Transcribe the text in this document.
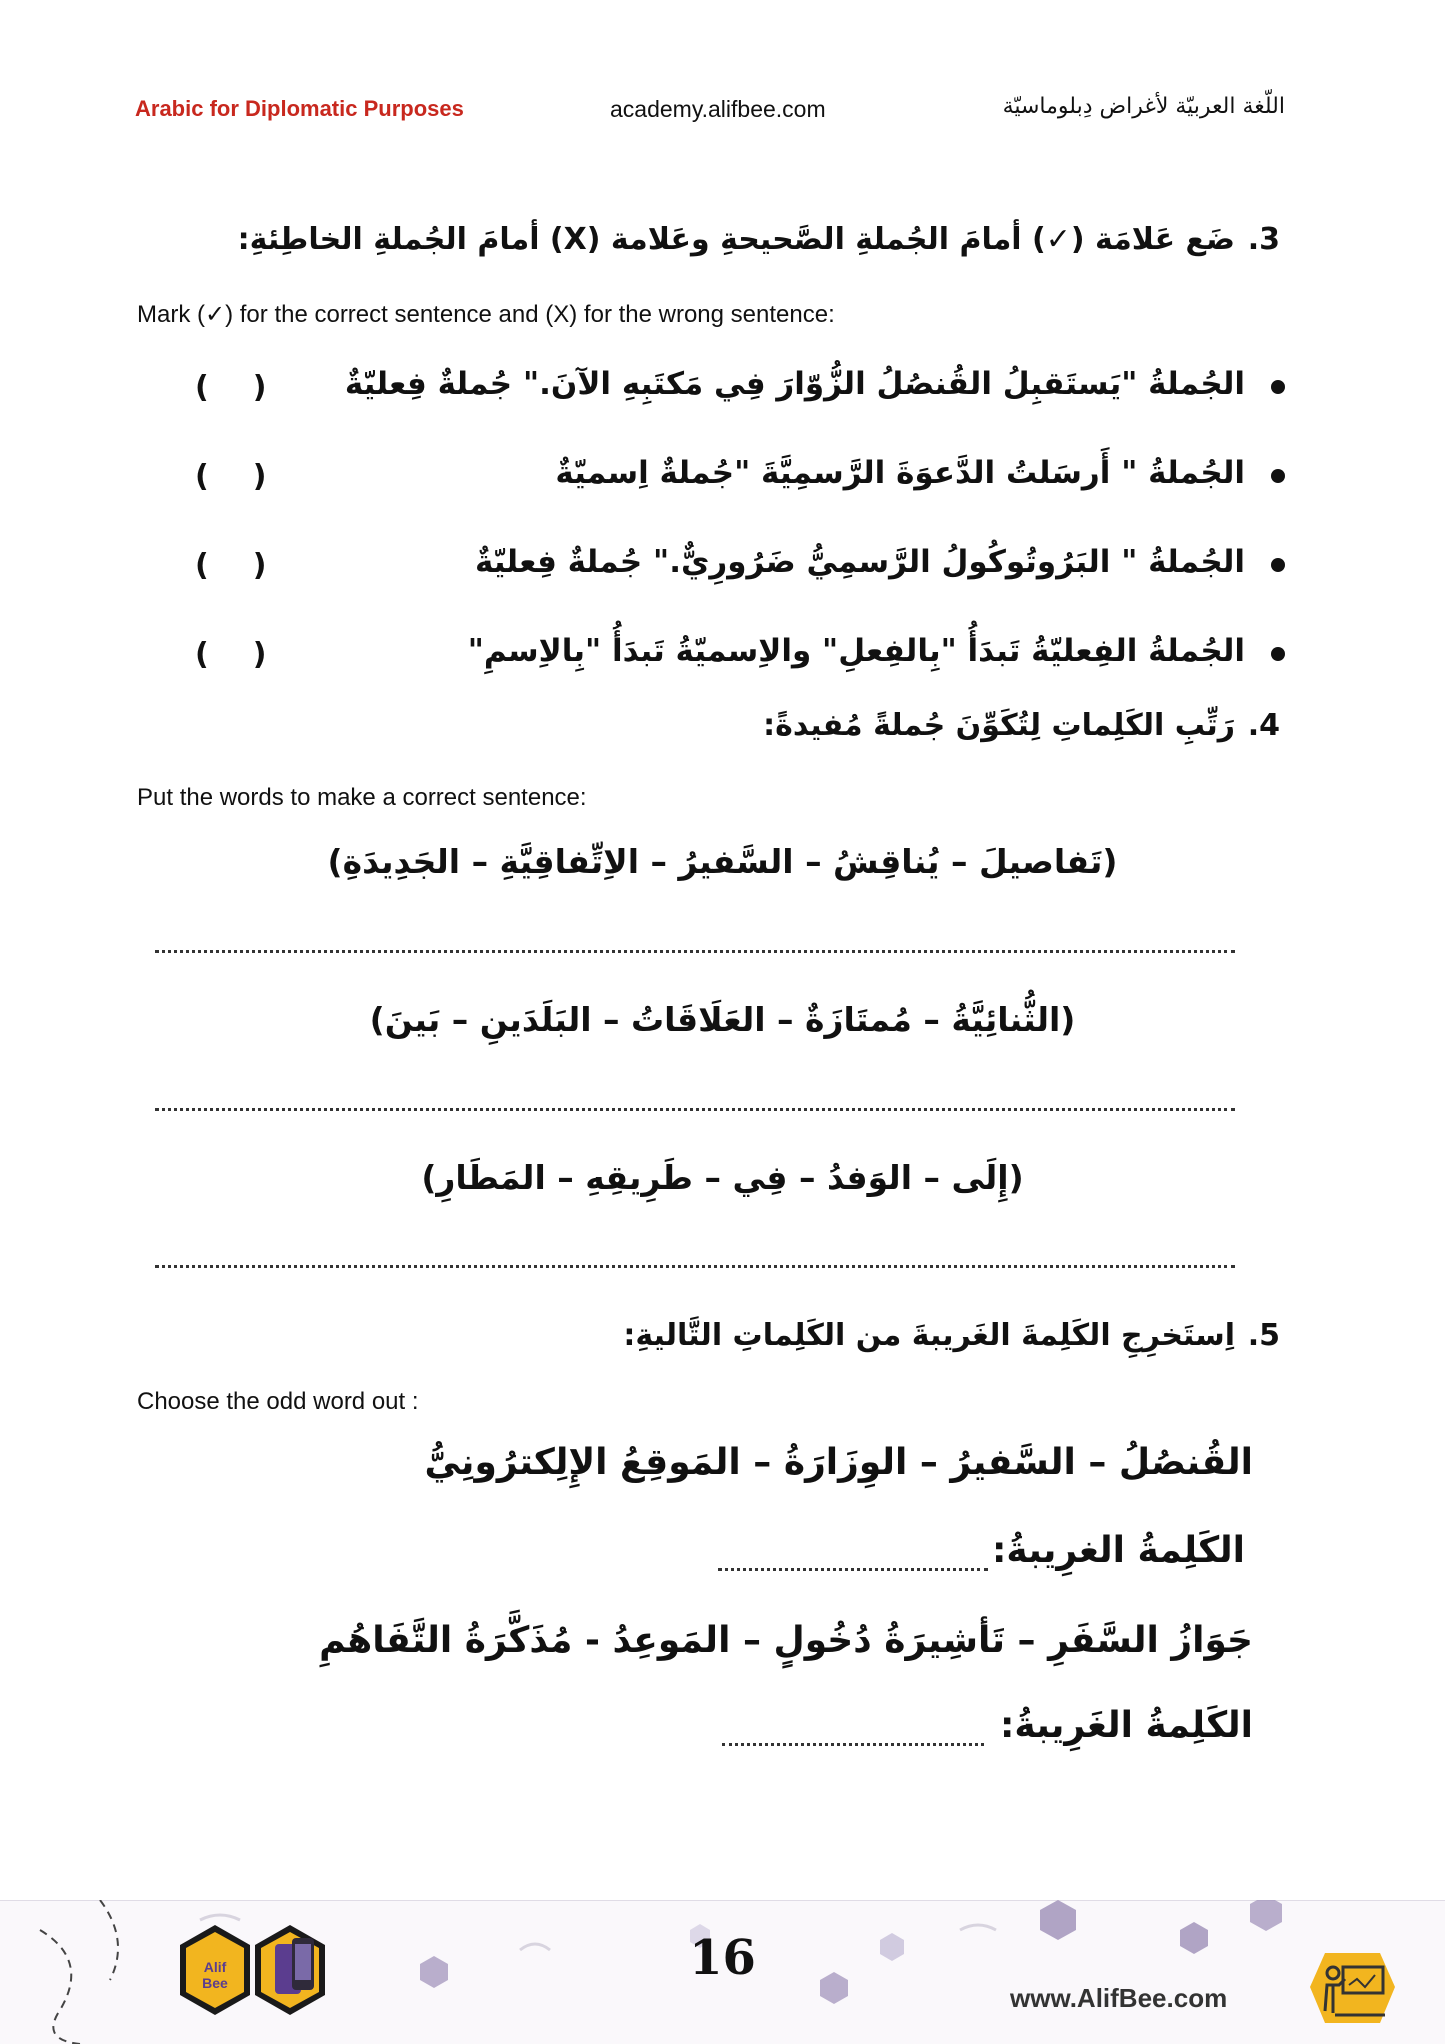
Arabic for Diplomatic Purposes	academy.alifbee.com	اللّغة العربيّة لأغراض دِبلوماسيّة
ضَع عَلامَة (✓) أمامَ الجُملةِ الصَّحيحةِ وعَلامة (X) أمامَ الجُملةِ الخاطِئةِ: 3.
Mark (✓) for the correct sentence and (X) for the wrong sentence:
الجُملةُ "يَستَقبِلُ القُنصُلُ الزُّوّارَ فِي مَكتَبِهِ الآنَ." جُملةٌ فِعليّةٌ
( )
الجُملةُ " أَرسَلتُ الدَّعوَةَ الرَّسمِيَّةَ "جُملةٌ اِسميّةٌ
( )
الجُملةُ " البَرُوتُوكُولُ الرَّسمِيُّ ضَرُورِيٌّ." جُملةٌ فِعليّةٌ
( )
الجُملةُ الفِعليّةُ تَبدَأُ "بِالفِعلِ" والاِسميّةُ تَبدَأُ "بِالاِسمِ"
( )
رَتِّبِ الكَلِماتِ لِتُكَوِّنَ جُملةً مُفيدةً: 4.
Put the words to make a correct sentence:
(تَفاصيلَ – يُناقِشُ – السَّفيرُ – الاِتِّفاقِيَّةِ – الجَدِيدَةِ)
(الثُّنائِيَّةُ – مُمتَازَةٌ – العَلَاقَاتُ – البَلَدَينِ – بَينَ)
(إِلَى – الوَفدُ – فِي – طَرِيقِهِ – المَطَارِ)
اِستَخرِجِ الكَلِمةَ الغَريبةَ من الكَلِماتِ التَّاليةِ: 5.
Choose the odd word out :
القُنصُلُ – السَّفيرُ – الوِزَارَةُ – المَوقِعُ الإِلِكترُونِيُّ
الكَلِمةُ الغرِيبةُ:
جَوَازُ السَّفَرِ – تَأشِيرَةُ دُخُولٍ – المَوعِدُ - مُذَكَّرَةُ التَّفَاهُمِ
الكَلِمةُ الغَرِيبةُ:
Alif
Bee	16
www.AlifBee.com
